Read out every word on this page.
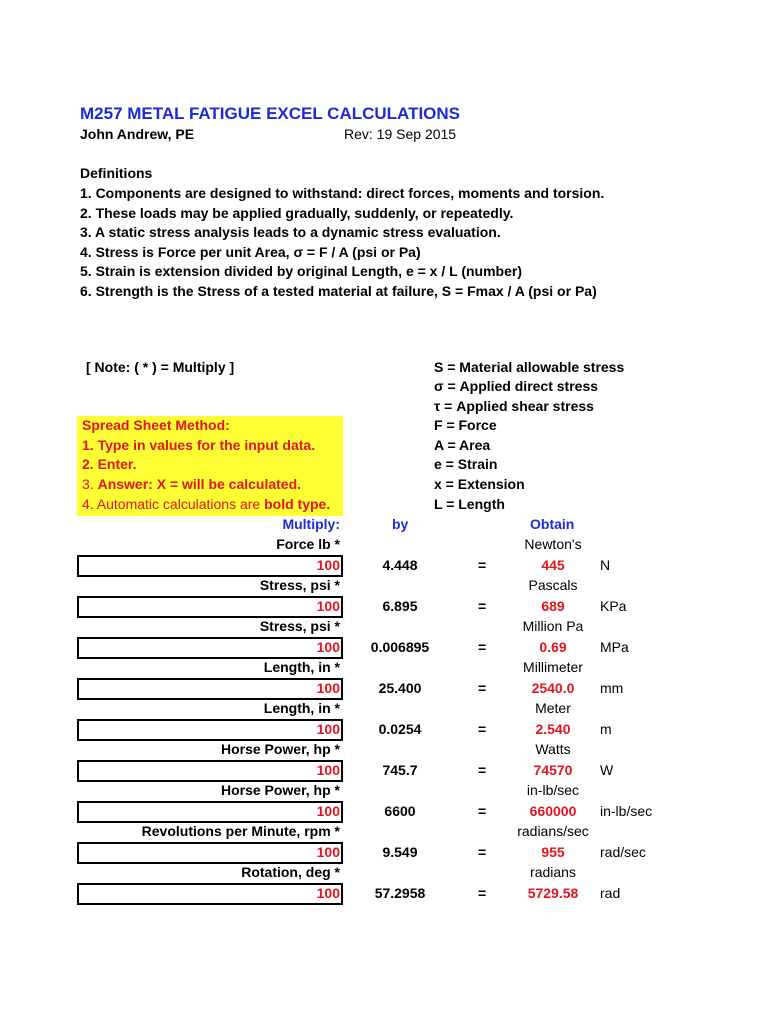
M257 METAL FATIGUE EXCEL CALCULATIONS
John Andrew, PE	Rev: 19 Sep 2015
Definitions
1. Components are designed to withstand: direct forces, moments and torsion.
2. These loads may be applied gradually, suddenly, or repeatedly.
3. A static stress analysis leads to a dynamic stress evaluation.
4. Stress is Force per unit Area, σ = F / A (psi or Pa)
5. Strain is extension divided by original Length, e = x / L (number)
6. Strength is the Stress of a tested material at failure, S = Fmax / A (psi or Pa)
[ Note: ( * ) = Multiply ]	S = Material allowable stress
σ = Applied direct stress
τ = Applied shear stress
F = Force
A = Area
e = Strain
x = Extension
L = Length
Spread Sheet Method:
1. Type in values for the input data.
2. Enter.
3. Answer: X = will be calculated.
4. Automatic calculations are bold type.
Multiply:	by	Obtain
Force lb *	Newton's
100	4.448	=	445	N
Stress, psi *	Pascals
100	6.895	=	689	KPa
Stress, psi *	Million Pa
100	0.006895	=	0.69	MPa
Length, in *	Millimeter
100	25.400	=	2540.0	mm
Length, in *	Meter
100	0.0254	=	2.540	m
Horse Power, hp *	Watts
100	745.7	=	74570	W
Horse Power, hp *	in-lb/sec
100	6600	=	660000	in-lb/sec
Revolutions per Minute, rpm *	radians/sec
100	9.549	=	955	rad/sec
Rotation, deg *	radians
100	57.2958	=	5729.58	rad
